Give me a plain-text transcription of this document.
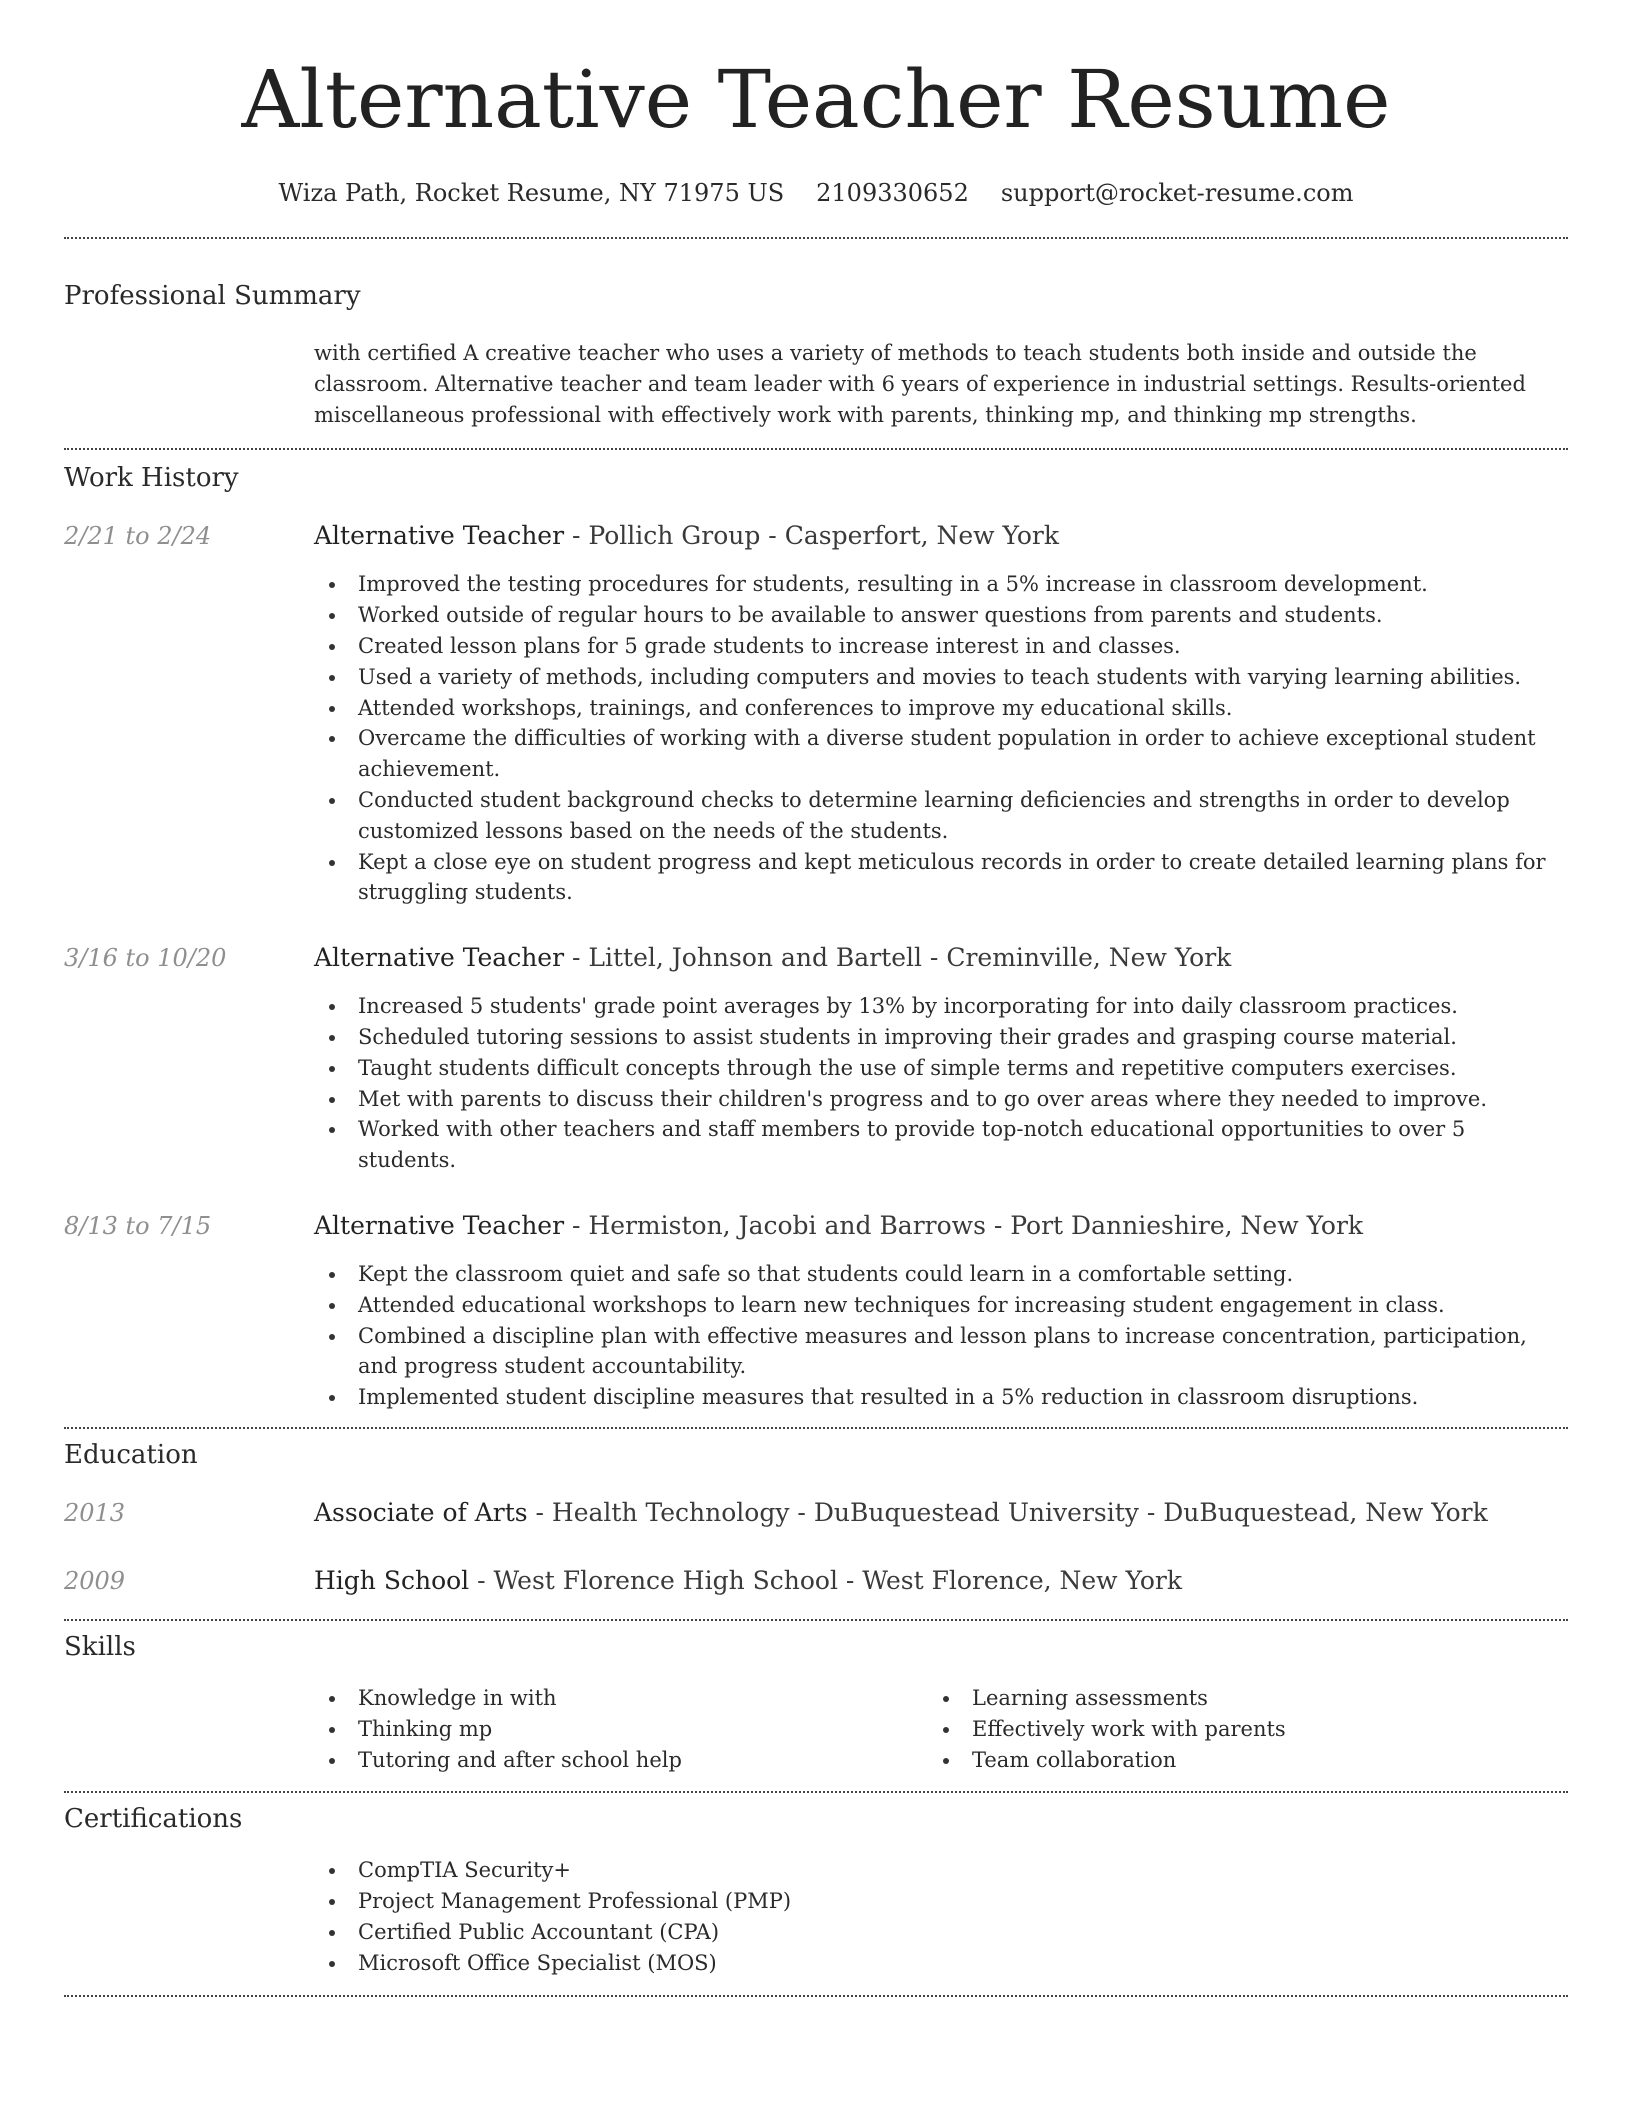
Alternative Teacher Resume
Wiza Path, Rocket Resume, NY 71975 US 2109330652 support@rocket-resume.com
Professional Summary
with certified A creative teacher who uses a variety of methods to teach students both inside and outside the classroom. Alternative teacher and team leader with 6 years of experience in industrial settings. Results-oriented miscellaneous professional with effectively work with parents, thinking mp, and thinking mp strengths.
Work History
2/21 to 2/24	Alternative Teacher - Pollich Group - Casperfort, New York
Improved the testing procedures for students, resulting in a 5% increase in classroom development.
Worked outside of regular hours to be available to answer questions from parents and students.
Created lesson plans for 5 grade students to increase interest in and classes.
Used a variety of methods, including computers and movies to teach students with varying learning abilities.
Attended workshops, trainings, and conferences to improve my educational skills.
Overcame the difficulties of working with a diverse student population in order to achieve exceptional student achievement.
Conducted student background checks to determine learning deficiencies and strengths in order to develop customized lessons based on the needs of the students.
Kept a close eye on student progress and kept meticulous records in order to create detailed learning plans for struggling students.
3/16 to 10/20	Alternative Teacher - Littel, Johnson and Bartell - Creminville, New York
Increased 5 students' grade point averages by 13% by incorporating for into daily classroom practices.
Scheduled tutoring sessions to assist students in improving their grades and grasping course material.
Taught students difficult concepts through the use of simple terms and repetitive computers exercises.
Met with parents to discuss their children's progress and to go over areas where they needed to improve.
Worked with other teachers and staff members to provide top-notch educational opportunities to over 5 students.
8/13 to 7/15	Alternative Teacher - Hermiston, Jacobi and Barrows - Port Dannieshire, New York
Kept the classroom quiet and safe so that students could learn in a comfortable setting.
Attended educational workshops to learn new techniques for increasing student engagement in class.
Combined a discipline plan with effective measures and lesson plans to increase concentration, participation, and progress student accountability.
Implemented student discipline measures that resulted in a 5% reduction in classroom disruptions.
Education
2013	Associate of Arts - Health Technology - DuBuquestead University - DuBuquestead, New York
2009	High School - West Florence High School - West Florence, New York
Skills
Knowledge in with
Thinking mp
Tutoring and after school help
Learning assessments
Effectively work with parents
Team collaboration
Certifications
CompTIA Security+
Project Management Professional (PMP)
Certified Public Accountant (CPA)
Microsoft Office Specialist (MOS)
